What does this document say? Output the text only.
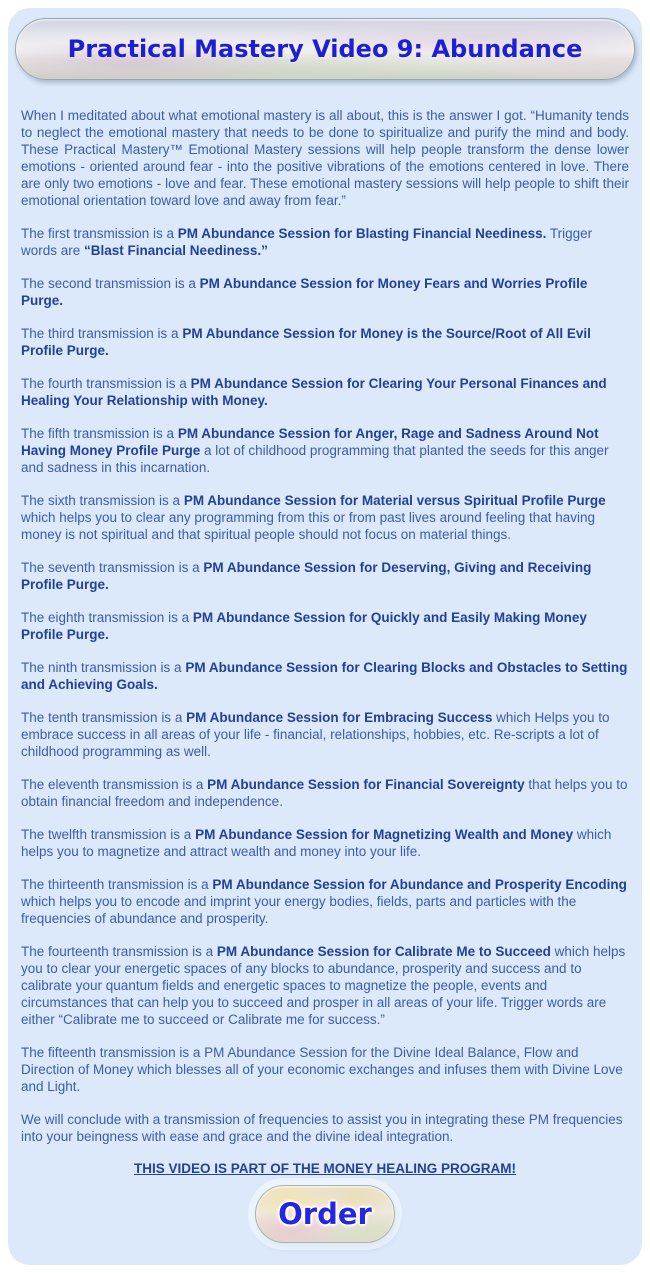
Practical Mastery Video 9: Abundance

When I meditated about what emotional mastery is all about, this is the answer I got. “Humanity tends to neglect the emotional mastery that needs to be done to spiritualize and purify the mind and body. These Practical Mastery™ Emotional Mastery sessions will help people transform the dense lower emotions - oriented around fear - into the positive vibrations of the emotions centered in love. There are only two emotions - love and fear. These emotional mastery sessions will help people to shift their emotional orientation toward love and away from fear.”

The first transmission is a PM Abundance Session for Blasting Financial Neediness. Trigger words are “Blast Financial Neediness.”

The second transmission is a PM Abundance Session for Money Fears and Worries Profile Purge.

The third transmission is a PM Abundance Session for Money is the Source/Root of All Evil Profile Purge.

The fourth transmission is a PM Abundance Session for Clearing Your Personal Finances and Healing Your Relationship with Money.

The fifth transmission is a PM Abundance Session for Anger, Rage and Sadness Around Not Having Money Profile Purge a lot of childhood programming that planted the seeds for this anger and sadness in this incarnation.

The sixth transmission is a PM Abundance Session for Material versus Spiritual Profile Purge which helps you to clear any programming from this or from past lives around feeling that having money is not spiritual and that spiritual people should not focus on material things.

The seventh transmission is a PM Abundance Session for Deserving, Giving and Receiving Profile Purge.

The eighth transmission is a PM Abundance Session for Quickly and Easily Making Money Profile Purge.

The ninth transmission is a PM Abundance Session for Clearing Blocks and Obstacles to Setting and Achieving Goals.

The tenth transmission is a PM Abundance Session for Embracing Success which Helps you to embrace success in all areas of your life - financial, relationships, hobbies, etc. Re-scripts a lot of childhood programming as well.

The eleventh transmission is a PM Abundance Session for Financial Sovereignty that helps you to obtain financial freedom and independence.

The twelfth transmission is a PM Abundance Session for Magnetizing Wealth and Money which helps you to magnetize and attract wealth and money into your life.

The thirteenth transmission is a PM Abundance Session for Abundance and Prosperity Encoding which helps you to encode and imprint your energy bodies, fields, parts and particles with the frequencies of abundance and prosperity.

The fourteenth transmission is a PM Abundance Session for Calibrate Me to Succeed which helps you to clear your energetic spaces of any blocks to abundance, prosperity and success and to calibrate your quantum fields and energetic spaces to magnetize the people, events and circumstances that can help you to succeed and prosper in all areas of your life. Trigger words are either “Calibrate me to succeed or Calibrate me for success.”

The fifteenth transmission is a PM Abundance Session for the Divine Ideal Balance, Flow and Direction of Money which blesses all of your economic exchanges and infuses them with Divine Love and Light.

We will conclude with a transmission of frequencies to assist you in integrating these PM frequencies into your beingness with ease and grace and the divine ideal integration.

THIS VIDEO IS PART OF THE MONEY HEALING PROGRAM!
Order
